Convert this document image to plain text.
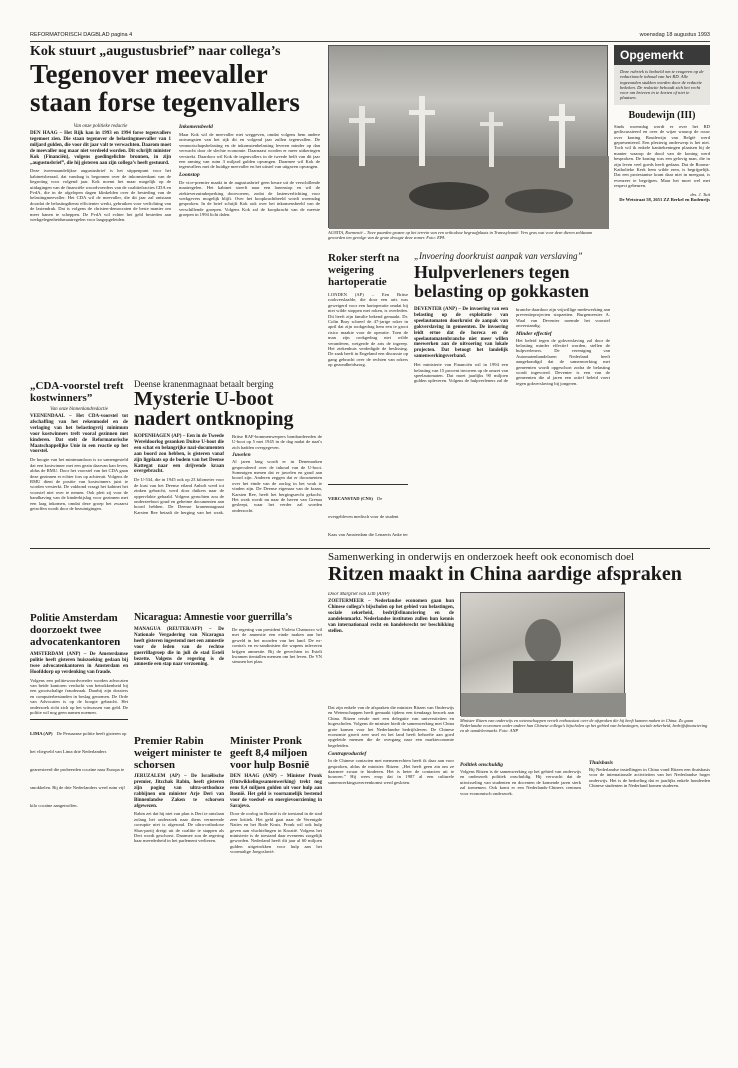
REFORMATORISCH DAGBLAD pagina 4	woensdag 18 augustus 1993
Kok stuurt „augustusbrief” naar collega’s
Tegenover meevaller
staan forse tegenvallers
Van onze politieke redactie

DEN HAAG – Het Rijk kan in 1993 en 1994 forse tegenvallers tegemoet zien. Die staan tegenover de belastingmeevaller van 1 miljard gulden, die voor dit jaar valt te verwachten. Daarom moet de meevaller nog maar niet verdeeld worden. Dit schrijft minister Kok (Financiën), volgens goedingelichte bronnen, in zijn „augustusbrief”, die hij gisteren aan zijn collega’s heeft gestuurd.

Deze tweemaandelijkse augustusbrief is het stippenpunt voor het kabinetsberaad, dat vandaag is begonnen over de inkomstenkant van de begroting voor volgend jaar. Kok noemt het maar mogelijk op de uitdagingen van de financiële woordvoerders van de coalitiefracties CDA en PvdA, die in de afgelopen dagen klinkelden over de besteding van de belastingmeevaller. Het CDA wil de meevaller, die dit jaar zal ontstaan doordat de belastingdienst efficienter werkt, gebruiken voor verlichting van de lastendruk. Dat is volgens de christen-democraten de beste manier om meer banen te scheppen. De PvdA wil echter het geld besteden aan werkgelegenheidsmaatregelen voor laagopgeleiden.

Inkomensbeeld

Maar Kok wil de meevaller niet weggeven, omdat volgens hem andere ontvangsten van het rijk dit en volgend jaar zullen tegenvallen. De vennootschapsbelasting en de inkomstenbelasting leveren minder op dan verwacht door de slechte economie. Daarnaast worden er meer uitkeringen verstrekt. Daardoor wil Kok de tegenvallers in de tweede helft van dit jaar een raming van ruim 3 miljard gulden opvangen. Daarmee wil Kok de tegenvallers met de huidige meevaller en het uitstel van uitgaven opvangen.

Loonstop

De vice-premier maakt in de augustusbrief geen keuze uit de verschillende maatregelen. Het kabinet streeft naar een lonenstop en wil de ziekteverzuimbeperking doorvoeren, zodat de lastenverlichting voor werkgevers mogelijk blijft. Over het koopkrachtbeeld wordt woensdag gesproken. In de brief schrijft Kok ook over het inkomensbeeld van de verschillende groepen. Volgens Kok zal de koopkracht van de meeste groepen in 1994 licht dalen.

AGNITA, Roemenië – Twee paarden grazen op het terrein van een orthodoxe begraafplaats in Transsylvanië. Vers gras wat voor deze dieren zeldzaam geworden ten gevolge van de grote droogte deze zomer. Foto: EPA
Opgemerkt
Deze rubriek is bedoeld om te reageren op de redactionele inhoud van het RD. Alle ingezonden stukken worden door de redactie bekeken. De redactie behoudt zich het recht voor om brieven in te korten of niet te plaatsen.
Boudewijn (III)

Sinds woensdag wordt er over het RD gediscussieerd en over de wijze waarop de rouw over koning Boudewijn van België werd gepresenteerd. Een plezierig onderwerp is het niet. Toch wil ik enkele kanttekeningen plaatsen bij de manier waarop de dood van de koning werd besproken. De koning was een gelovig man, die in zijn leven veel goeds heeft gedaan. Dat de Rooms-Katholieke Kerk hem wilde eren, is begrijpelijk. Dat een protestantse krant daar niet in meegaat, is evenzeer te begrijpen. Maar het moet wel met respect gebeuren.

drs. J. Tuit
De Wetstraat 58, 2651 ZZ Berkel en Rodenrijs
Roker sterft na weigering hartoperatie

LONDEN (AP) – Een Britse rookverslaafde, die door een arts was geweigerd voor een hartoperatie omdat hij niet wilde stoppen met roken, is overleden. Dit heeft zijn familie bekend gemaakt. Dr. Colin Bray schreef de 47-jarige roker in april dat zijn rookgedrag hem een te groot risico maakte voor de operatie. Toen de man zijn rookgedrag niet wilde veranderen, weigerde de arts de ingreep. Het ziekenhuis verdedigde de beslissing. De zaak heeft in Engeland een discussie op gang gebracht over de rechten van rokers op gezondheidszorg.

VERCANSTAD (CNS) De overgebleven medisch voor de student Kaas van Amsterdam die Lenaerts Anke ter
„Invoering doorkruist aanpak van verslaving”
Hulpverleners tegen belasting op gokkasten

DEVENTER (ANP) – De invoering van een belasting op de exploitatie van speelautomaten doorkruist de aanpak van gokverslaving in gemeenten. De invoering leidt ertoe dat de horeca en de speelautomatenbranche niet meer willen meewerken aan de uitvoering van lokale projecten. Dat betoogt het landelijk samenwerkingsverband.

Het ministerie van Financiën wil in 1994 een belasting van 15 procent invoeren op de omzet van speelautomaten. Dat moet jaarlijks 90 miljoen gulden opleveren. Volgens de hulpverleners zal de branche daardoor zijn vrijwillige medewerking aan preventieprojecten stopzetten. Burgemeester A. Waal van Deventer noemde het voorstel onverstandig.

Minder effectief

Het beleid tegen de gokverslaving zal door de belasting minder effectief worden, stellen de hulpverleners. De vereniging van Automatenhandelaren Nederland heeft aangekondigd dat de samenwerking met gemeenten wordt opgeschort zodra de belasting wordt ingevoerd. Deventer is een van de gemeenten die al jaren een actief beleid voert tegen gokverslaving bij jongeren.

„CDA-voorstel treft kostwinners”
Van onze binnenlandredactie

VEENENDAAL – Het CDA-voorstel tot afschaffing van het rekenmodel en de verlaging van het belastingvrij minimum voor kostwinners treft vooral gezinnen met kinderen. Dat stelt de Reformatorische Maatschappelijke Unie in een reactie op het voorstel.

De hoogte van het minimumloon is zo samengesteld dat een kostwinner met een gezin daarvan kan leven, aldus de RMU. Door het voorstel van het CDA gaan deze gezinnen er echter fors op achteruit. Volgens de RMU dient de positie van kostwinners juist te worden versterkt. De vakbond vraagt het kabinet het voorstel niet over te nemen. Ook pleit zij voor de handhaving van de kinderbijslag voor gezinnen met een laag inkomen, omdat deze groep het zwaarst getroffen wordt door de bezuinigingen.

Deense kranenmagnaat betaalt berging
Mysterie U-boot
nadert ontknoping

KOPENHAGEN (AP) – Een in de Tweede Wereldoorlog gezonken Duitse U-boot die een schat en belangrijke nazi-documenten aan boord zou hebben, is gisteren vanaf zijn ligplaats op de bodem van het Deense Kattegat naar een drijvende kraan overgebracht.

De U-534, die in 1945 ook op 23 kilometer voor de kust van het Deense eiland Anholt werd tot zinken gebracht, werd door duikers naar de oppervlakte gehaald. Volgens geruchten zou de onderzeeboot goud en geheime documenten aan boord hebben. De Deense kranenmagnaat Karsten Ree betaalt de berging van het wrak. Britse RAF-bommenwerpers bombardeerden de U-boot op 5 mei 1945 in de dag nadat de nazi's zich hadden overgegeven.

Juwelen

Al jaren lang wordt er in Denemarken gespeculeerd over de inhoud van de U-boot. Sommigen menen dat er juwelen en goud aan boord zijn. Anderen zeggen dat er documenten over het einde van de oorlog in het wrak te vinden zijn. De Deense eigenaar van de kraan, Karsten Ree, heeft het bergingsrecht gekocht. Het wrak wordt nu naar de haven van Grenaa gesleept, waar het verder zal worden onderzocht.

Samenwerking in onderwijs en onderzoek heeft ook economisch doel
Ritzen maakt in China aardige afspraken
Door Margriet van Lith (ANP)

ZOETERMEER – Nederlandse economen gaan hun Chinese collega’s bijscholen op het gebied van belastingen, sociale zekerheid, bedrijfsfinanciering en de aandelenmarkt. Nederlandse instituten zullen hun kennis van internationaal recht en handelsrecht ter beschikking stellen.

Minister Ritzen van onderwijs en wetenschappen vertelt enthousiast over de afspraken die hij heeft kunnen maken in China. Zo gaan Nederlandse economen onder andere hun Chinese collega’s bijscholen op het gebied van belastingen, sociale zekerheid, bedrijfsfinanciering en de aandelenmarkt. Foto: ANP

Dat zijn enkele van de afspraken die minister Ritzen van Onderwijs en Wetenschappen heeft gemaakt tijdens een tiendaags bezoek aan China. Ritzen reisde met een delegatie van universiteiten en hogescholen. Volgens de minister biedt de samenwerking met China grote kansen voor het Nederlandse bedrijfsleven. De Chinese economie groeit zeer snel en het land heeft behoefte aan goed opgeleide mensen die de overgang naar een markteconomie begeleiden.

Contraproductief

In de Chinese contacten met mensenrechten heeft ik daar aan voor gesproken, aldus de minister. Ritzen: „Het heeft geen zin om ze daarmee zwaar te hinderen. Het is beter de contacten uit te bouwen.” Hij wees erop dat in 1987 al een culturele samenwerkingsovereenkomst werd gesloten.

Politiek onschuldig

Volgens Ritzen is de samenwerking op het gebied van onderwijs en onderzoek politiek onschuldig. Hij verwacht dat de uitwisseling van studenten en docenten de komende jaren sterk zal toenemen. Ook komt er een Nederlands-Chinees centrum voor economisch onderzoek.

Thuisbasis

Bij Nederlandse instellingen in China vond Ritzen een thuisbasis voor de internationale activiteiten van het Nederlandse hoger onderwijs. Het is de bedoeling dat er jaarlijks enkele honderden Chinese studenten in Nederland komen studeren.

Politie Amsterdam doorzoekt twee advocatenkantoren

AMSTERDAM (ANP) – De Amsterdamse politie heeft gisteren huiszoeking gedaan bij twee advocatenkantoren in Amsterdam en Hoofddorp op verdenking van fraude.

Volgens een politiewoordvoerder worden advocaten van beide kantoren verdacht van betrokkenheid bij een grootschalige fraudezaak. Daarbij zijn dossiers en computerbestanden in beslag genomen. De Orde van Advocaten is op de hoogte gebracht. Het onderzoek richt zich op het witwassen van geld. De politie wil nog geen namen noemen.

LIMA (AP) De Peruaanse politie heeft gisteren op het vliegveld van Lima drie Nederlanders gearresteerd die probeerden cocaïne naar Europa te smokkelen. Bij de drie Nederlanders werd ruim vijf kilo cocaïne aangetroffen.
Nicaragua: Amnestie voor guerrilla’s

MANAGUA (REUTER/AFP) – De Nationale Vergadering van Nicaragua heeft gisteren ingestemd met een amnestie voor de leden van de rechtse guerrillagroep die in juli de stad Esteli bezette. Volgens de regering is de amnestie een stap naar verzoening.

De regering van president Violeta Chamorro wil met de amnestie een einde maken aan het geweld in het noorden van het land. De ex-contra's en ex-sandinisten die wapens inleveren krijgen amnestie. Bij de gevechten in Esteli kwamen tientallen mensen om het leven. De VN steunen het plan.

Premier Rabin weigert minister te schorsen

JERUZALEM (AP) – De Israëlische premier, Jitzchak Rabin, heeft gisteren zijn poging van ultra-orthodoxe rabbijnen om minister Arje Deri van Binnenlandse Zaken te schorsen afgewezen.

Rabin zei dat hij niet van plan is Deri te ontslaan zolang het onderzoek naar diens vermeende corruptie niet is afgerond. De ultra-orthodoxe Shas-partij dreigt uit de coalitie te stappen als Deri wordt geschorst. Daarmee zou de regering haar meerderheid in het parlement verliezen.

Minister Pronk geeft 8,4 miljoen voor hulp Bosnië

DEN HAAG (ANP) – Minister Pronk (Ontwikkelingssamenwerking) trekt nog eens 8,4 miljoen gulden uit voor hulp aan Bosnië. Het geld is voornamelijk bestemd voor de voedsel- en energievoorziening in Sarajevo.

Door de oorlog in Bosnië is de toestand in de stad zeer kritiek. Het geld gaat naar de Verenigde Naties en het Rode Kruis. Pronk wil ook hulp geven aan vluchtelingen in Kroatië. Volgens het ministerie is de toestand daar eveneens zorgelijk geworden. Nederland heeft dit jaar al 60 miljoen gulden uitgetrokken voor hulp aan het voormalige Joegoslavië.
